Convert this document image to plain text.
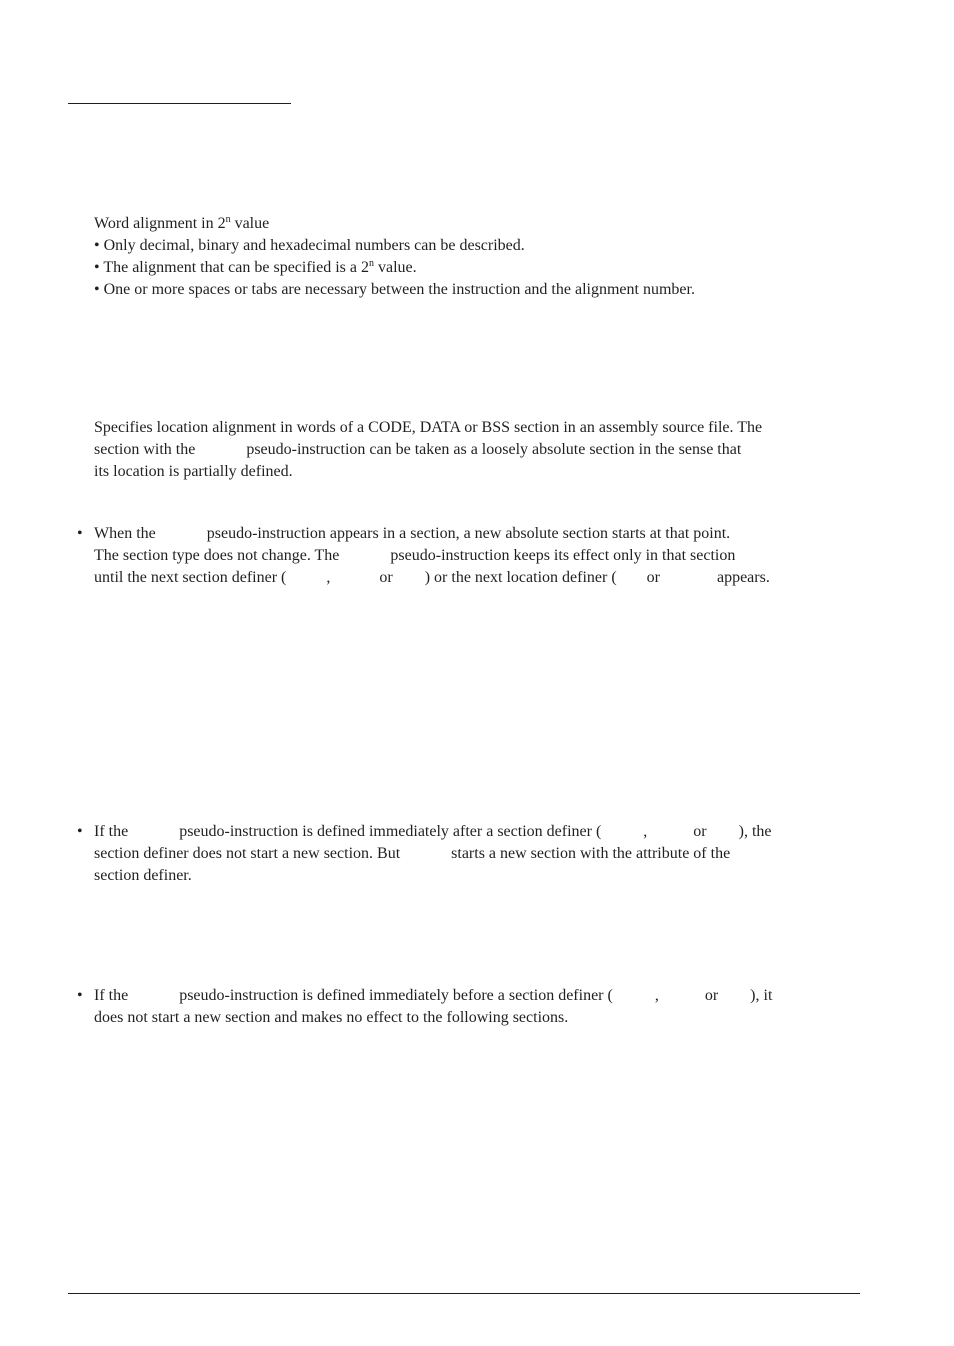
Word alignment in 2$^n$ value
• Only decimal, binary and hexadecimal numbers can be described.
• The alignment that can be specified is a 2$^n$ value.
• One or more spaces or tabs are necessary between the instruction and the alignment number.
Specifies location alignment in words of a CODE, DATA or BSS section in an assembly source file. The
section with the	pseudo-instruction can be taken as a loosely absolute section in the sense that
its location is partially defined.
• When the	pseudo-instruction appears in a section, a new absolute section starts at that point.
The section type does not change. The	pseudo-instruction keeps its effect only in that section
until the next section definer (	,	or ) or the next location definer ( or	appears.
• If the	pseudo-instruction is defined immediately after a section definer (	,	or ), the
section definer does not start a new section. But	starts a new section with the attribute of the
section definer.
• If the	pseudo-instruction is defined immediately before a section definer (	,	or ), it
does not start a new section and makes no effect to the following sections.
